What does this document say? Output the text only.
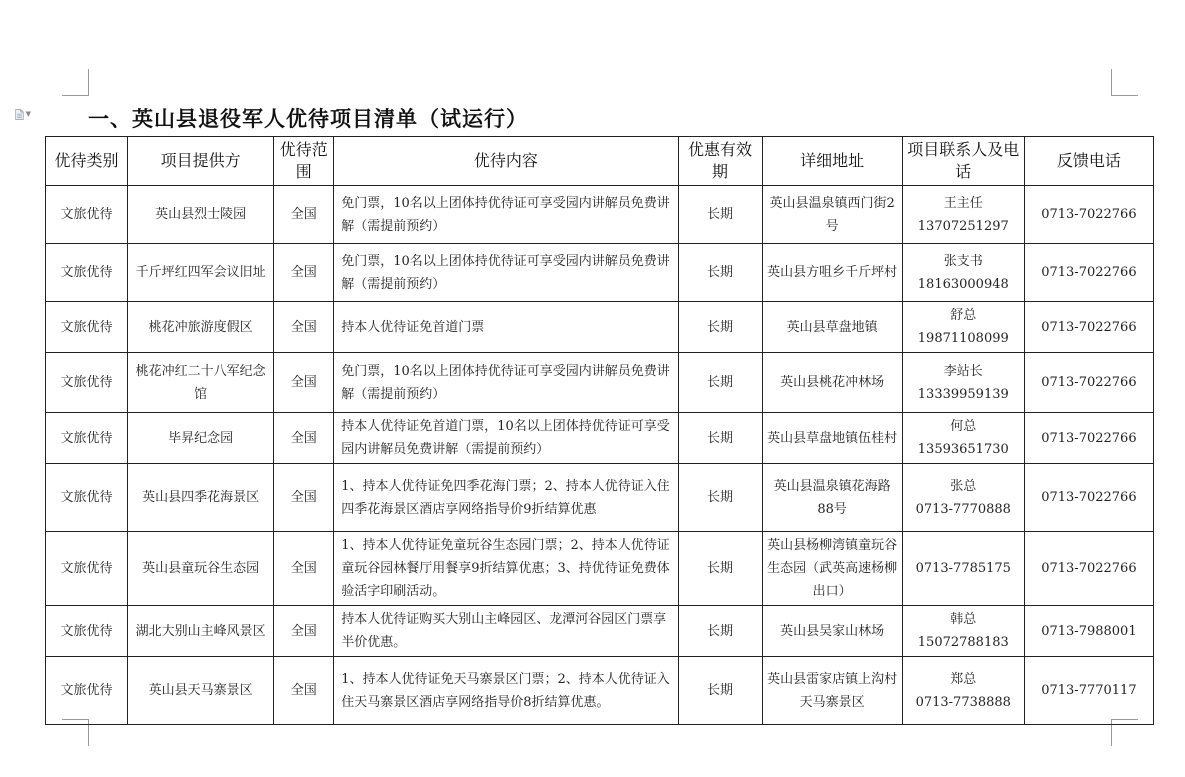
▼	一、英山县退役军人优待项目清单（试运行）
优待类别	项目提供方	优待范围	优待内容	优惠有效期	详细地址	项目联系人及电话	反馈电话
文旅优待	英山县烈士陵园	全国	免门票，10名以上团体持优待证可享受园内讲解员免费讲解（需提前预约）	长期	英山县温泉镇西门街2号	王主任
13707251297	0713-7022766
文旅优待	千斤坪红四军会议旧址	全国	免门票，10名以上团体持优待证可享受园内讲解员免费讲解（需提前预约）	长期	英山县方咀乡千斤坪村	张支书
18163000948	0713-7022766
文旅优待	桃花冲旅游度假区	全国	持本人优待证免首道门票	长期	英山县草盘地镇	舒总
19871108099	0713-7022766
文旅优待	桃花冲红二十八军纪念馆	全国	免门票，10名以上团体持优待证可享受园内讲解员免费讲解（需提前预约）	长期	英山县桃花冲林场	李站长
13339959139	0713-7022766
文旅优待	毕昇纪念园	全国	持本人优待证免首道门票，10名以上团体持优待证可享受园内讲解员免费讲解（需提前预约）	长期	英山县草盘地镇伍桂村	何总
13593651730	0713-7022766
文旅优待	英山县四季花海景区	全国	1、持本人优待证免四季花海门票；2、持本人优待证入住四季花海景区酒店享网络指导价9折结算优惠	长期	英山县温泉镇花海路88号	张总
0713-7770888	0713-7022766
文旅优待	英山县童玩谷生态园	全国	1、持本人优待证免童玩谷生态园门票；2、持本人优待证童玩谷园林餐厅用餐享9折结算优惠；3、持优待证免费体验活字印刷活动。	长期	英山县杨柳湾镇童玩谷生态园（武英高速杨柳出口）	0713-7785175	0713-7022766
文旅优待	湖北大别山主峰风景区	全国	持本人优待证购买大别山主峰园区、龙潭河谷园区门票享半价优惠。	长期	英山县吴家山林场	韩总
15072788183	0713-7988001
文旅优待	英山县天马寨景区	全国	1、持本人优待证免天马寨景区门票；2、持本人优待证入住天马寨景区酒店享网络指导价8折结算优惠。	长期	英山县雷家店镇上沟村天马寨景区	郑总
0713-7738888	0713-7770117
